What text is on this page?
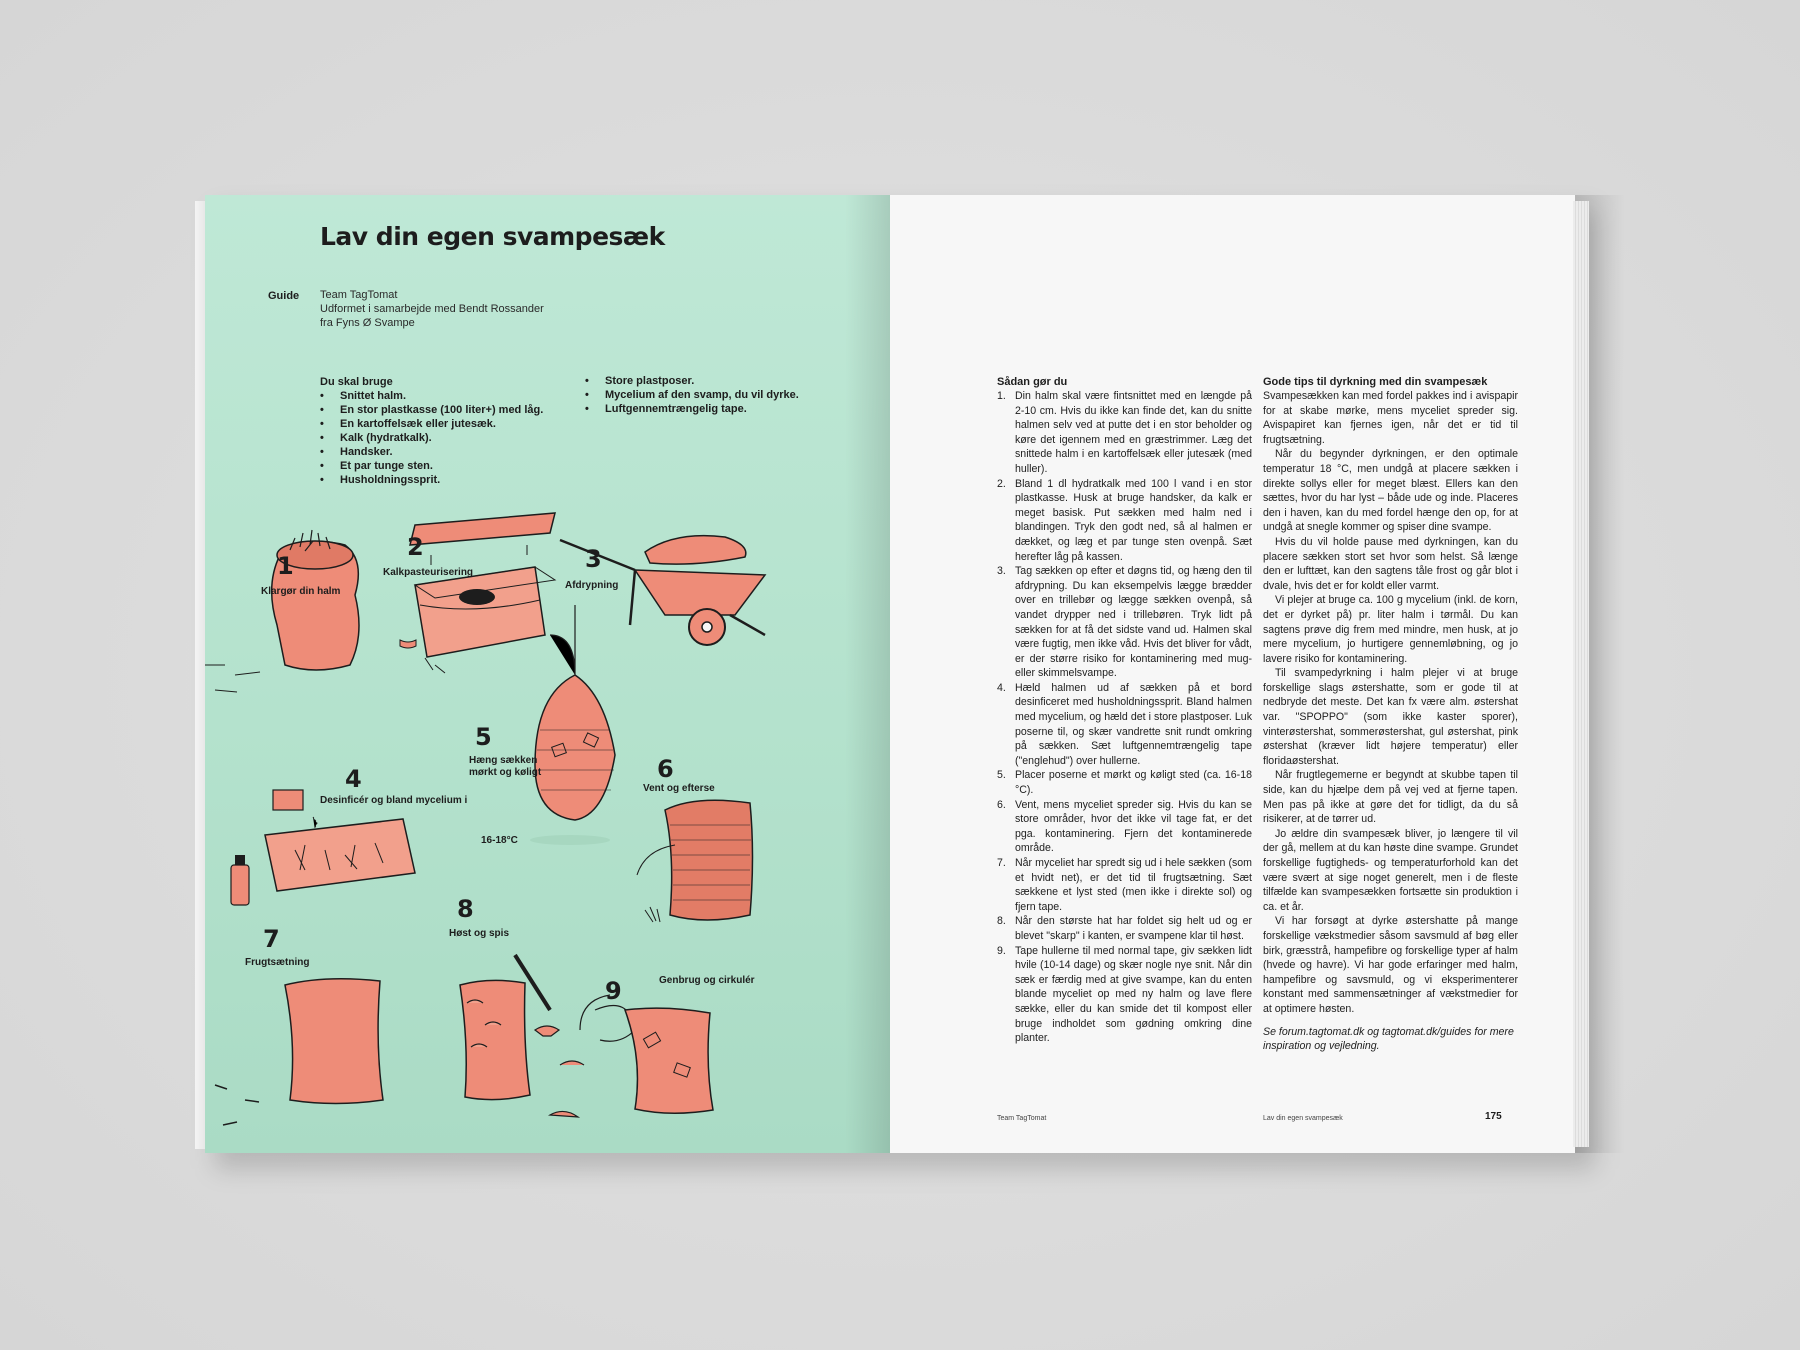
Lav din egen svampesæk
Guide Team TagTomat
Udformet i samarbejde med Bendt Rossander
fra Fyns Ø Svampe
Du skal bruge
• Snittet halm.
• En stor plastkasse (100 liter+) med låg.
• En kartoffelsæk eller jutesæk.
• Kalk (hydratkalk).
• Handsker.
• Et par tunge sten.
• Husholdningssprit.
• Store plastposer.
• Mycelium af den svamp, du vil dyrke.
• Luftgennemtrængelig tape.
1
Klargør din halm
2
Kalkpasteurisering	3
Afdrypning
4
Desinficér og bland mycelium i
5
Hæng sækken mørkt og køligt	6
Vent og efterse
7
Frugtsætning
8
Høst og spis
9	Genbrug og cirkulér
16-18°C
Sådan gør du
1. Din halm skal være fintsnittet med en længde på 2-10 cm. Hvis du ikke kan finde det, kan du snitte halmen selv ved at putte det i en stor beholder og køre det igennem med en græstrimmer. Læg det snittede halm i en kartoffelsæk eller jutesæk (med huller).
2. Bland 1 dl hydratkalk med 100 l vand i en stor plastkasse. Husk at bruge handsker, da kalk er meget basisk. Put sækken med halm ned i blandingen. Tryk den godt ned, så al halmen er dækket, og læg et par tunge sten ovenpå. Sæt herefter låg på kassen.
3. Tag sækken op efter et døgns tid, og hæng den til afdrypning. Du kan eksempelvis lægge brædder over en trillebør og lægge sækken ovenpå, så vandet drypper ned i trillebøren. Tryk lidt på sækken for at få det sidste vand ud. Halmen skal være fugtig, men ikke våd. Hvis det bliver for vådt, er der større risiko for kontaminering med mug- eller skimmelsvampe.
4. Hæld halmen ud af sækken på et bord desinficeret med husholdningssprit. Bland halmen med mycelium, og hæld det i store plastposer. Luk poserne til, og skær vandrette snit rundt omkring på sækken. Sæt luftgennemtrængelig tape ("englehud") over hullerne.
5. Placer poserne et mørkt og køligt sted (ca. 16-18 °C).
6. Vent, mens myceliet spreder sig. Hvis du kan se store områder, hvor det ikke vil tage fat, er det pga. kontaminering. Fjern det kontaminerede område.
7. Når myceliet har spredt sig ud i hele sækken (som et hvidt net), er det tid til frugtsætning. Sæt sækkene et lyst sted (men ikke i direkte sol) og fjern tape.
8. Når den største hat har foldet sig helt ud og er blevet "skarp" i kanten, er svampene klar til høst.
9. Tape hullerne til med normal tape, giv sækken lidt hvile (10-14 dage) og skær nogle nye snit. Når din sæk er færdig med at give svampe, kan du enten blande myceliet op med ny halm og lave flere sække, eller du kan smide det til kompost eller bruge indholdet som gødning omkring dine planter.
Gode tips til dyrkning med din svampesæk

Svampesækken kan med fordel pakkes ind i avispapir for at skabe mørke, mens myceliet spreder sig. Avispapiret kan fjernes igen, når det er tid til frugtsætning.

Når du begynder dyrkningen, er den optimale temperatur 18 °C, men undgå at placere sækken i direkte sollys eller for meget blæst. Ellers kan den sættes, hvor du har lyst – både ude og inde. Placeres den i haven, kan du med fordel hænge den op, for at undgå at snegle kommer og spiser dine svampe.

Hvis du vil holde pause med dyrkningen, kan du placere sækken stort set hvor som helst. Så længe den er lufttæt, kan den sagtens tåle frost og går blot i dvale, hvis det er for koldt eller varmt.

Vi plejer at bruge ca. 100 g mycelium (inkl. de korn, det er dyrket på) pr. liter halm i tørmål. Du kan sagtens prøve dig frem med mindre, men husk, at jo mere mycelium, jo hurtigere gennemløbning, og jo lavere risiko for kontaminering.

Til svampedyrkning i halm plejer vi at bruge forskellige slags østershatte, som er gode til at nedbryde det meste. Det kan fx være alm. østershat var. "SPOPPO" (som ikke kaster sporer), vinterøstershat, sommerøstershat, gul østershat, pink østershat (kræver lidt højere temperatur) eller floridaøstershat.

Når frugtlegemerne er begyndt at skubbe tapen til side, kan du hjælpe dem på vej ved at fjerne tapen. Men pas på ikke at gøre det for tidligt, da du så risikerer, at de tørrer ud.

Jo ældre din svampesæk bliver, jo længere til vil der gå, mellem at du kan høste dine svampe. Grundet forskellige fugtigheds- og temperaturforhold kan det være svært at sige noget generelt, men i de fleste tilfælde kan svampesækken fortsætte sin produktion i ca. et år.

Vi har forsøgt at dyrke østershatte på mange forskellige vækstmedier såsom savsmuld af bøg eller birk, græsstrå, hampefibre og forskellige typer af halm (hvede og havre). Vi har gode erfaringer med halm, hampefibre og savsmuld, og vi eksperimenterer konstant med sammensætninger af vækstmedier for at optimere høsten.

Se forum.tagtomat.dk og tagtomat.dk/guides for mere inspiration og vejledning.

Team TagTomat	Lav din egen svampesæk	175
